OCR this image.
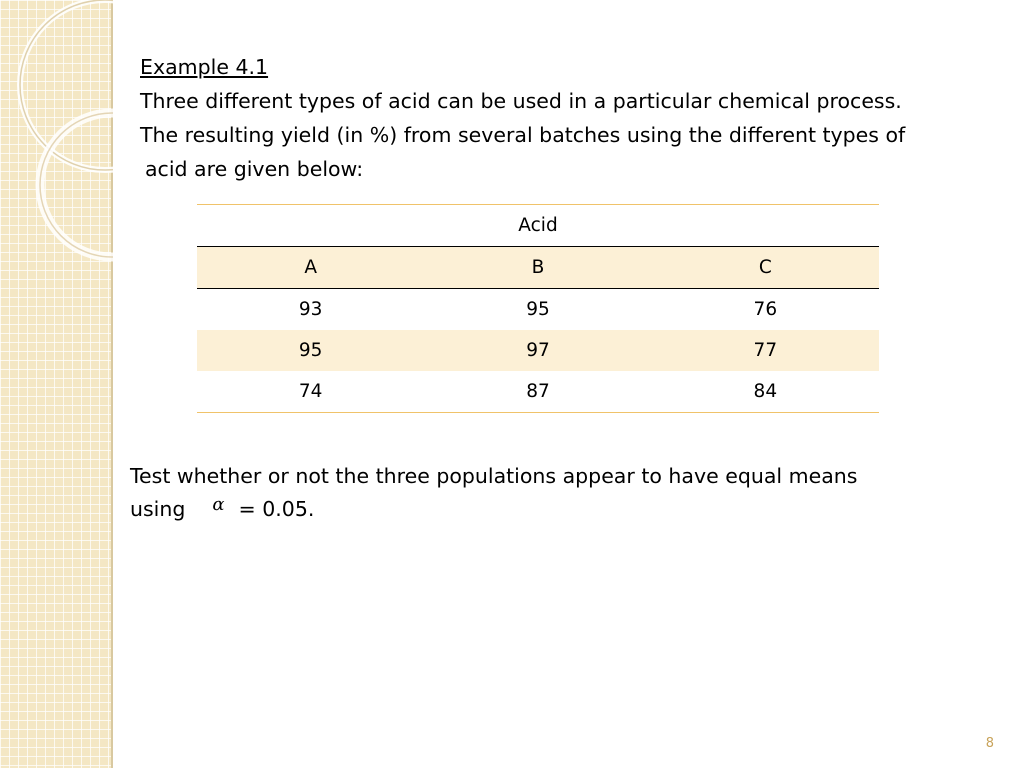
Example 4.1
Three different types of acid can be used in a particular chemical process.
The resulting yield (in %) from several batches using the different types of
acid are given below:
Acid		
A	B	C
93	95	76
95	97	77
74	87	84
Test whether or not the three populations appear to have equal means
using α = 0.05.
8
